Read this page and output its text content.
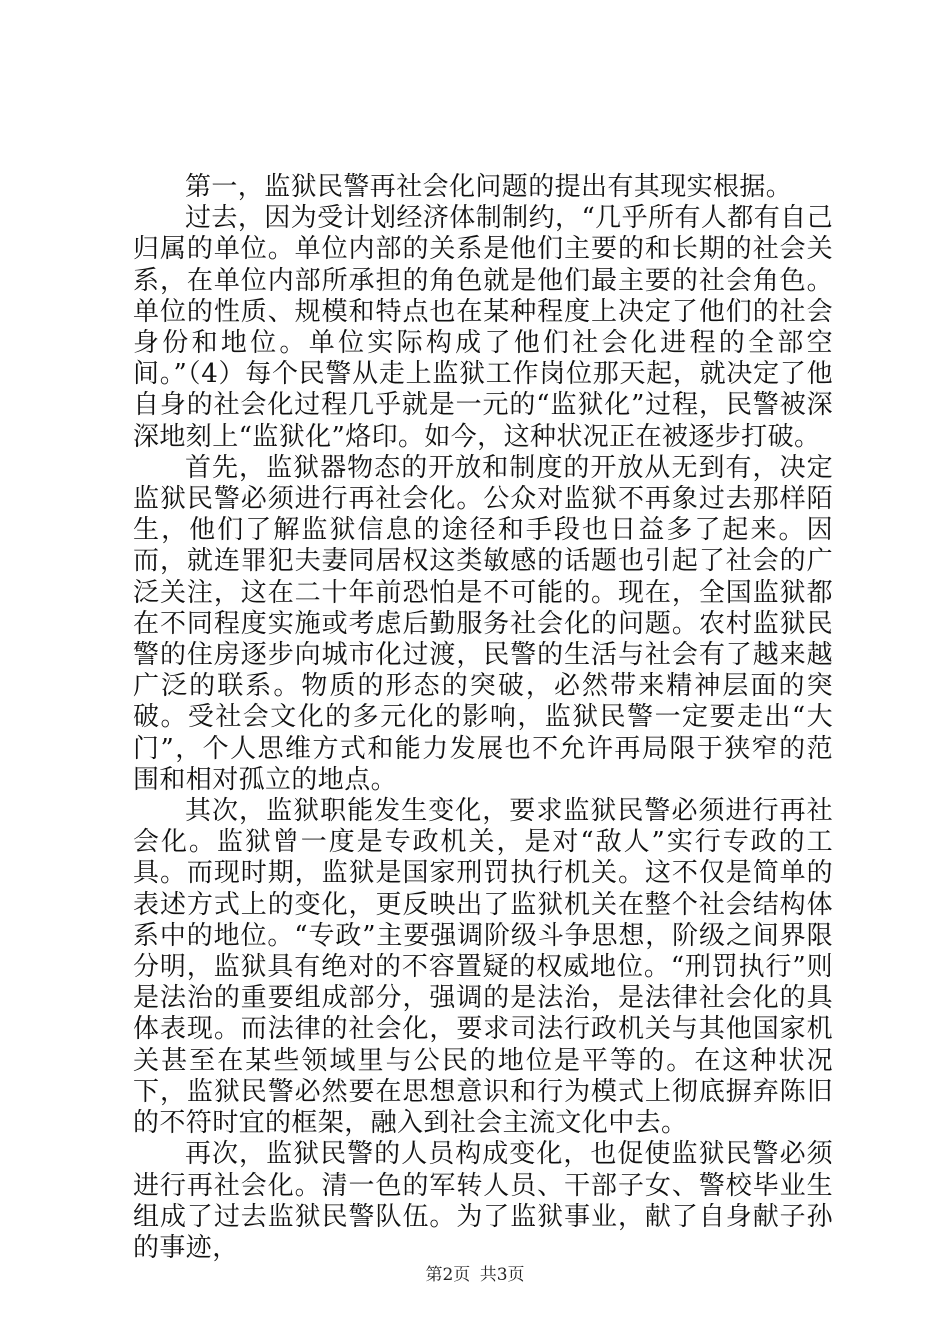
第一，监狱民警再社会化问题的提出有其现实根据。

过去，因为受计划经济体制制约，“几乎所有人都有自己归属的单位。单位内部的关系是他们主要的和长期的社会关系，在单位内部所承担的角色就是他们最主要的社会角色。单位的性质、规模和特点也在某种程度上决定了他们的社会身份和地位。单位实际构成了他们社会化进程的全部空间。”（4）每个民警从走上监狱工作岗位那天起，就决定了他自身的社会化过程几乎就是一元的“监狱化”过程，民警被深深地刻上“监狱化”烙印。如今，这种状况正在被逐步打破。

首先，监狱器物态的开放和制度的开放从无到有，决定监狱民警必须进行再社会化。公众对监狱不再象过去那样陌生，他们了解监狱信息的途径和手段也日益多了起来。因而，就连罪犯夫妻同居权这类敏感的话题也引起了社会的广泛关注，这在二十年前恐怕是不可能的。现在，全国监狱都在不同程度实施或考虑后勤服务社会化的问题。农村监狱民警的住房逐步向城市化过渡，民警的生活与社会有了越来越广泛的联系。物质的形态的突破，必然带来精神层面的突破。受社会文化的多元化的影响，监狱民警一定要走出“大门”，个人思维方式和能力发展也不允许再局限于狭窄的范围和相对孤立的地点。

其次，监狱职能发生变化，要求监狱民警必须进行再社会化。监狱曾一度是专政机关，是对“敌人”实行专政的工具。而现时期，监狱是国家刑罚执行机关。这不仅是简单的表述方式上的变化，更反映出了监狱机关在整个社会结构体系中的地位。“专政”主要强调阶级斗争思想，阶级之间界限分明，监狱具有绝对的不容置疑的权威地位。“刑罚执行”则是法治的重要组成部分，强调的是法治，是法律社会化的具体表现。而法律的社会化，要求司法行政机关与其他国家机关甚至在某些领域里与公民的地位是平等的。在这种状况下，监狱民警必然要在思想意识和行为模式上彻底摒弃陈旧的不符时宜的框架，融入到社会主流文化中去。

再次，监狱民警的人员构成变化，也促使监狱民警必须进行再社会化。清一色的军转人员、干部子女、警校毕业生组成了过去监狱民警队伍。为了监狱事业，献了自身献子孙的事迹，

第2页 共3页
